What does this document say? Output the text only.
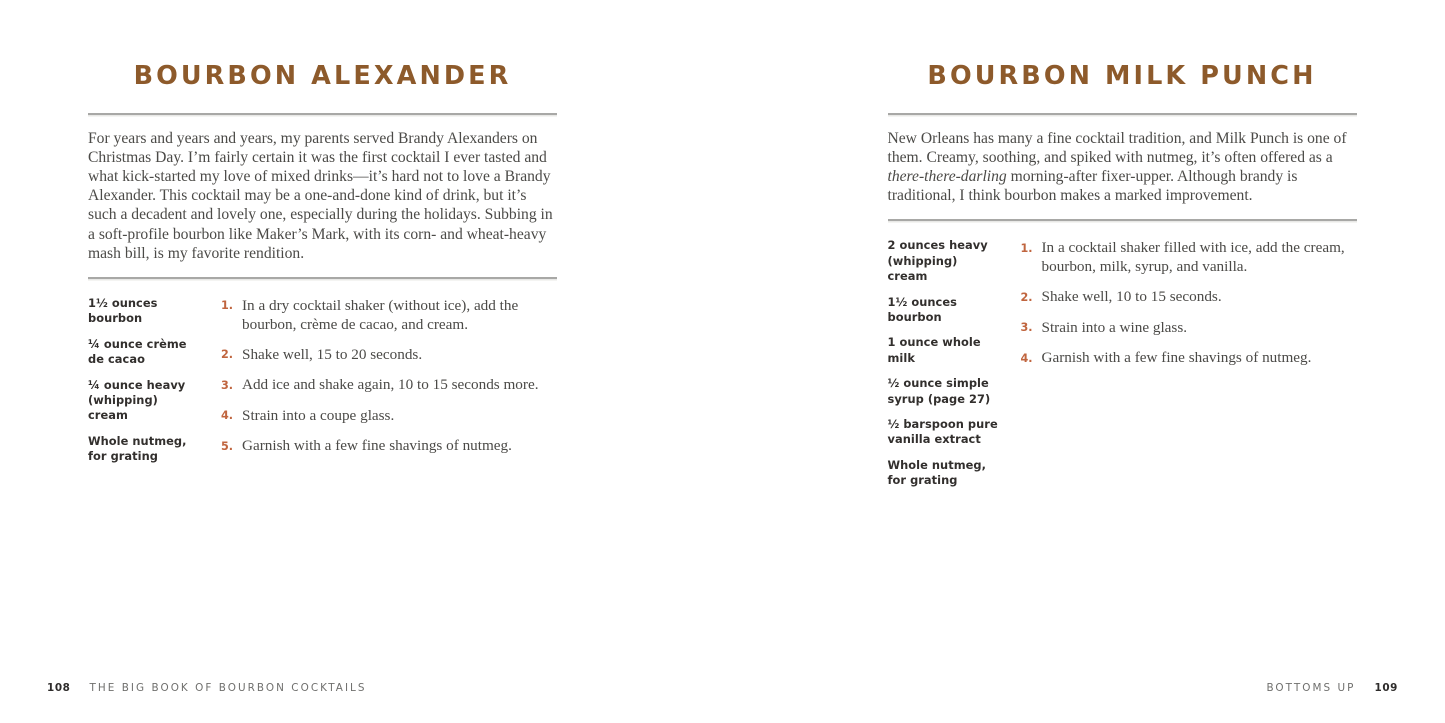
BOURBON ALEXANDER

For years and years and years, my parents served Brandy Alexanders on Christmas Day. I’m fairly certain it was the first cocktail I ever tasted and what kick-started my love of mixed drinks—it’s hard not to love a Brandy Alexander. This cocktail may be a one-and-done kind of drink, but it’s such a decadent and lovely one, especially during the holidays. Subbing in a soft-profile bourbon like Maker’s Mark, with its corn- and wheat-heavy mash bill, is my favorite rendition.

1½ ounces bourbon

¼ ounce crème de cacao

¼ ounce heavy (whipping) cream

Whole nutmeg, for grating

1. In a dry cocktail shaker (without ice), add the bourbon, crème de cacao, and cream.
2. Shake well, 15 to 20 seconds.
3. Add ice and shake again, 10 to 15 seconds more.
4. Strain into a coupe glass.
5. Garnish with a few fine shavings of nutmeg.
108 THE BIG BOOK OF BOURBON COCKTAILS
BOURBON MILK PUNCH

New Orleans has many a fine cocktail tradition, and Milk Punch is one of them. Creamy, soothing, and spiked with nutmeg, it’s often offered as a there-there-darling morning-after fixer-upper. Although brandy is traditional, I think bourbon makes a marked improvement.

2 ounces heavy (whipping) cream

1½ ounces bourbon

1 ounce whole milk

½ ounce simple syrup (page 27)

½ barspoon pure vanilla extract

Whole nutmeg, for grating

1. In a cocktail shaker filled with ice, add the cream, bourbon, milk, syrup, and vanilla.
2. Shake well, 10 to 15 seconds.
3. Strain into a wine glass.
4. Garnish with a few fine shavings of nutmeg.
BOTTOMS UP 109
